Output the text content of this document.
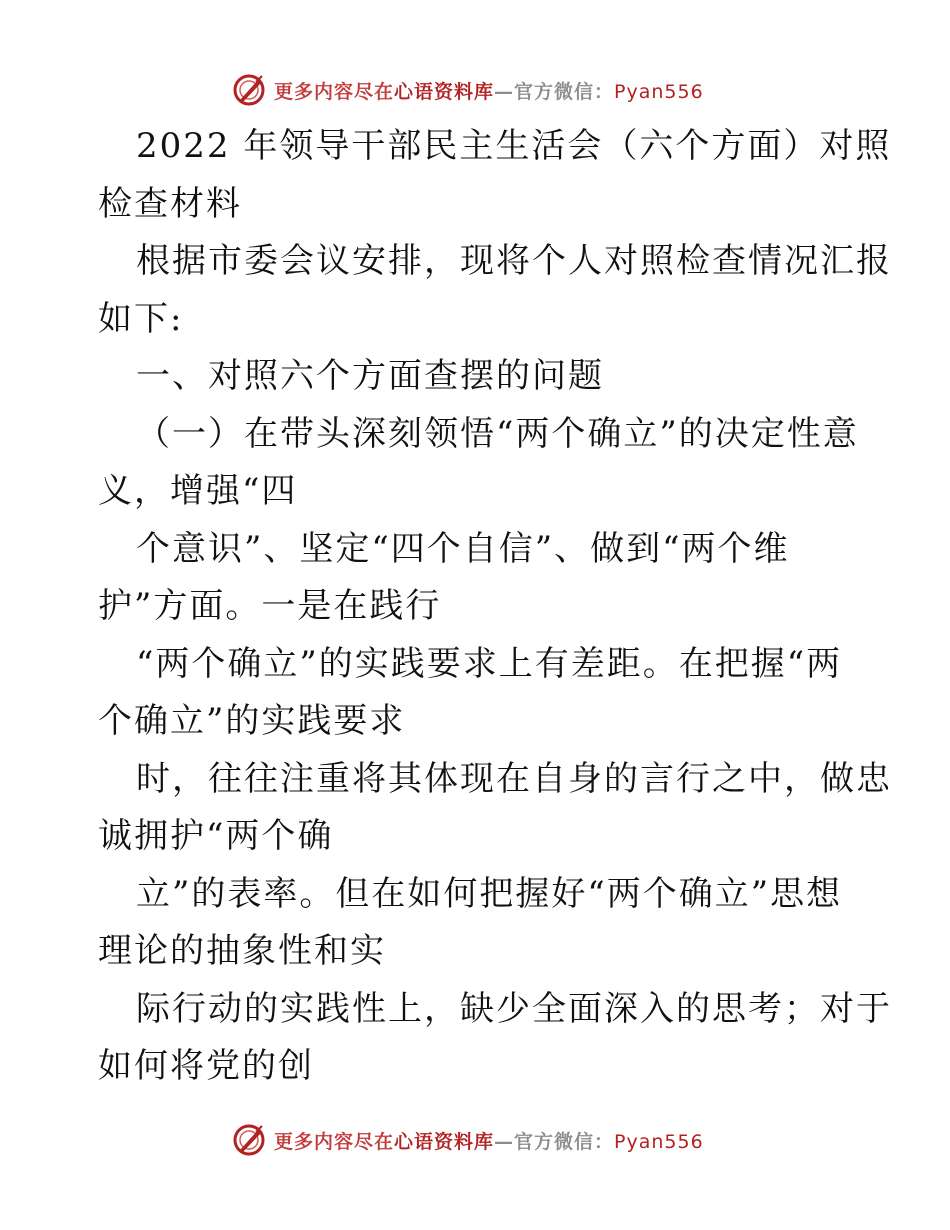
更多内容尽在心语资料库—官方微信：Pyan556
2022 年领导干部民主生活会（六个方面）对照
检查材料
根据市委会议安排，现将个人对照检查情况汇报
如下:
一、对照六个方面查摆的问题
（一）在带头深刻领悟“两个确立”的决定性意
义，增强“四
个意识”、坚定“四个自信”、做到“两个维
护”方面。一是在践行
“两个确立”的实践要求上有差距。在把握“两
个确立”的实践要求
时，往往注重将其体现在自身的言行之中，做忠
诚拥护“两个确
立”的表率。但在如何把握好“两个确立”思想
理论的抽象性和实
际行动的实践性上，缺少全面深入的思考；对于
如何将党的创
更多内容尽在心语资料库—官方微信：Pyan556
